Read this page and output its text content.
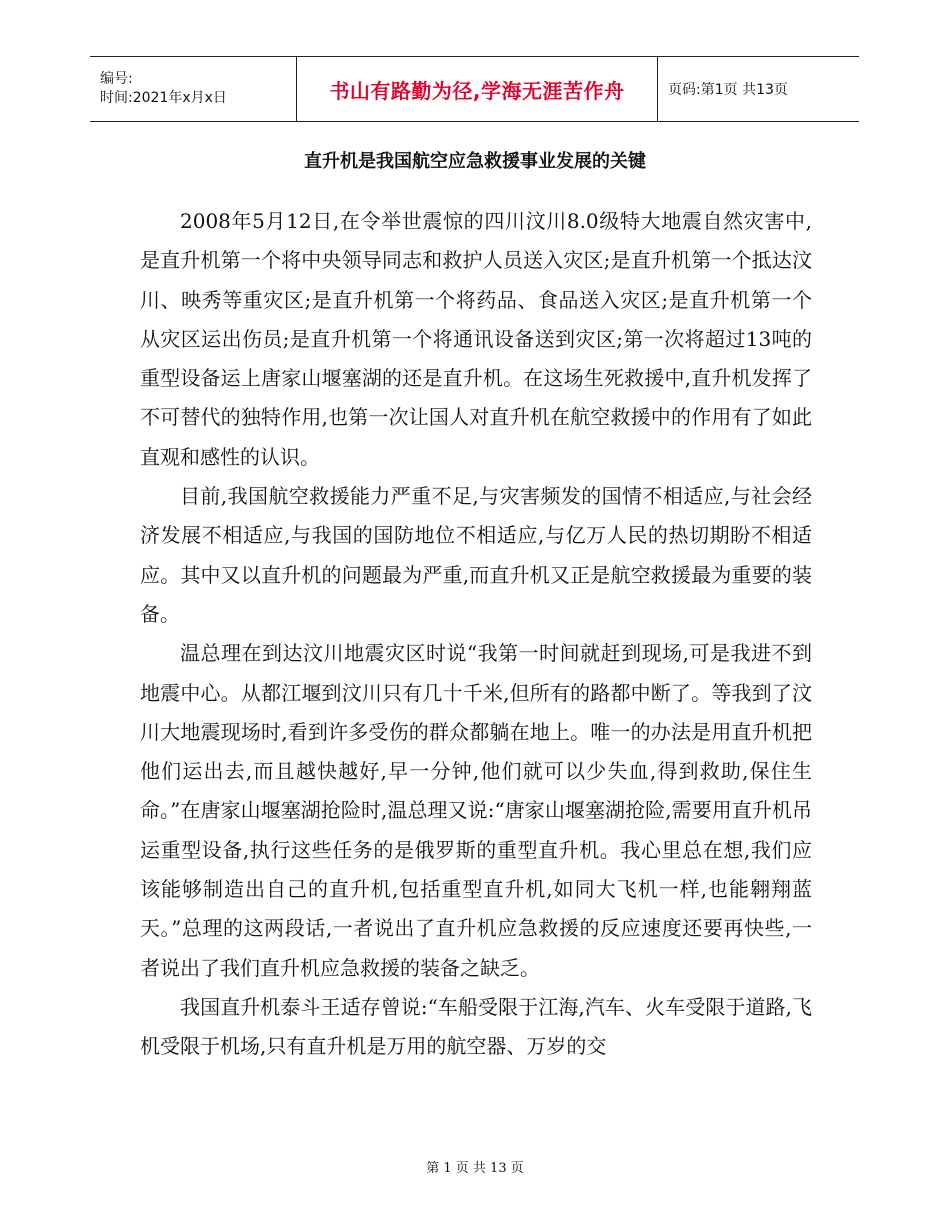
编号:
时间:2021年x月x日	书山有路勤为径,学海无涯苦作舟	页码:第1页 共13页
直升机是我国航空应急救援事业发展的关键

2008年5月12日,在令举世震惊的四川汶川8.0级特大地震自然灾害中,是直升机第一个将中央领导同志和救护人员送入灾区;是直升机第一个抵达汶川、映秀等重灾区;是直升机第一个将药品、食品送入灾区;是直升机第一个从灾区运出伤员;是直升机第一个将通讯设备送到灾区;第一次将超过13吨的重型设备运上唐家山堰塞湖的还是直升机。在这场生死救援中,直升机发挥了不可替代的独特作用,也第一次让国人对直升机在航空救援中的作用有了如此直观和感性的认识。

目前,我国航空救援能力严重不足,与灾害频发的国情不相适应,与社会经济发展不相适应,与我国的国防地位不相适应,与亿万人民的热切期盼不相适应。其中又以直升机的问题最为严重,而直升机又正是航空救援最为重要的装备。

温总理在到达汶川地震灾区时说“我第一时间就赶到现场,可是我进不到地震中心。从都江堰到汶川只有几十千米,但所有的路都中断了。等我到了汶川大地震现场时,看到许多受伤的群众都躺在地上。唯一的办法是用直升机把他们运出去,而且越快越好,早一分钟,他们就可以少失血,得到救助,保住生命。”在唐家山堰塞湖抢险时,温总理又说:“唐家山堰塞湖抢险,需要用直升机吊运重型设备,执行这些任务的是俄罗斯的重型直升机。我心里总在想,我们应该能够制造出自己的直升机,包括重型直升机,如同大飞机一样,也能翱翔蓝天。”总理的这两段话,一者说出了直升机应急救援的反应速度还要再快些,一者说出了我们直升机应急救援的装备之缺乏。

我国直升机泰斗王适存曾说:“车船受限于江海,汽车、火车受限于道路,飞机受限于机场,只有直升机是万用的航空器、万岁的交

第 1 页 共 13 页
